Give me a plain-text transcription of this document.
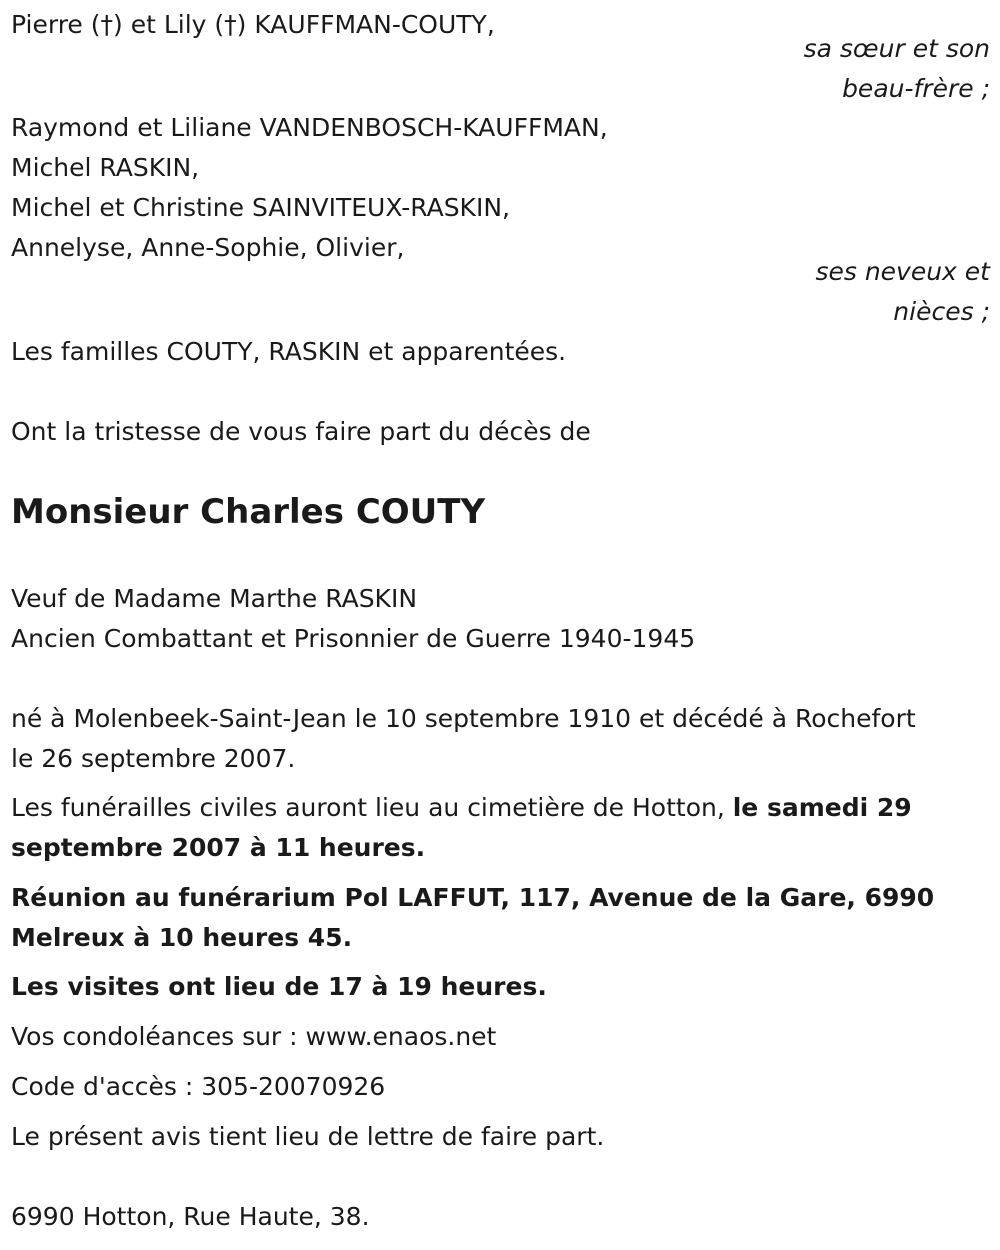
Pierre (†) et Lily (†) KAUFFMAN-COUTY,
sa sœur et son
beau-frère ;
Raymond et Liliane VANDENBOSCH-KAUFFMAN,
Michel RASKIN,
Michel et Christine SAINVITEUX-RASKIN,
Annelyse, Anne-Sophie, Olivier,
ses neveux et
nièces ;
Les familles COUTY, RASKIN et apparentées.
Ont la tristesse de vous faire part du décès de
Monsieur Charles COUTY
Veuf de Madame Marthe RASKIN
Ancien Combattant et Prisonnier de Guerre 1940-1945
né à Molenbeek-Saint-Jean le 10 septembre 1910 et décédé à Rochefort
le 26 septembre 2007.
Les funérailles civiles auront lieu au cimetière de Hotton, le samedi 29
septembre 2007 à 11 heures.
Réunion au funérarium Pol LAFFUT, 117, Avenue de la Gare, 6990
Melreux à 10 heures 45.
Les visites ont lieu de 17 à 19 heures.
Vos condoléances sur : www.enaos.net
Code d'accès : 305-20070926
Le présent avis tient lieu de lettre de faire part.
6990 Hotton, Rue Haute, 38.
